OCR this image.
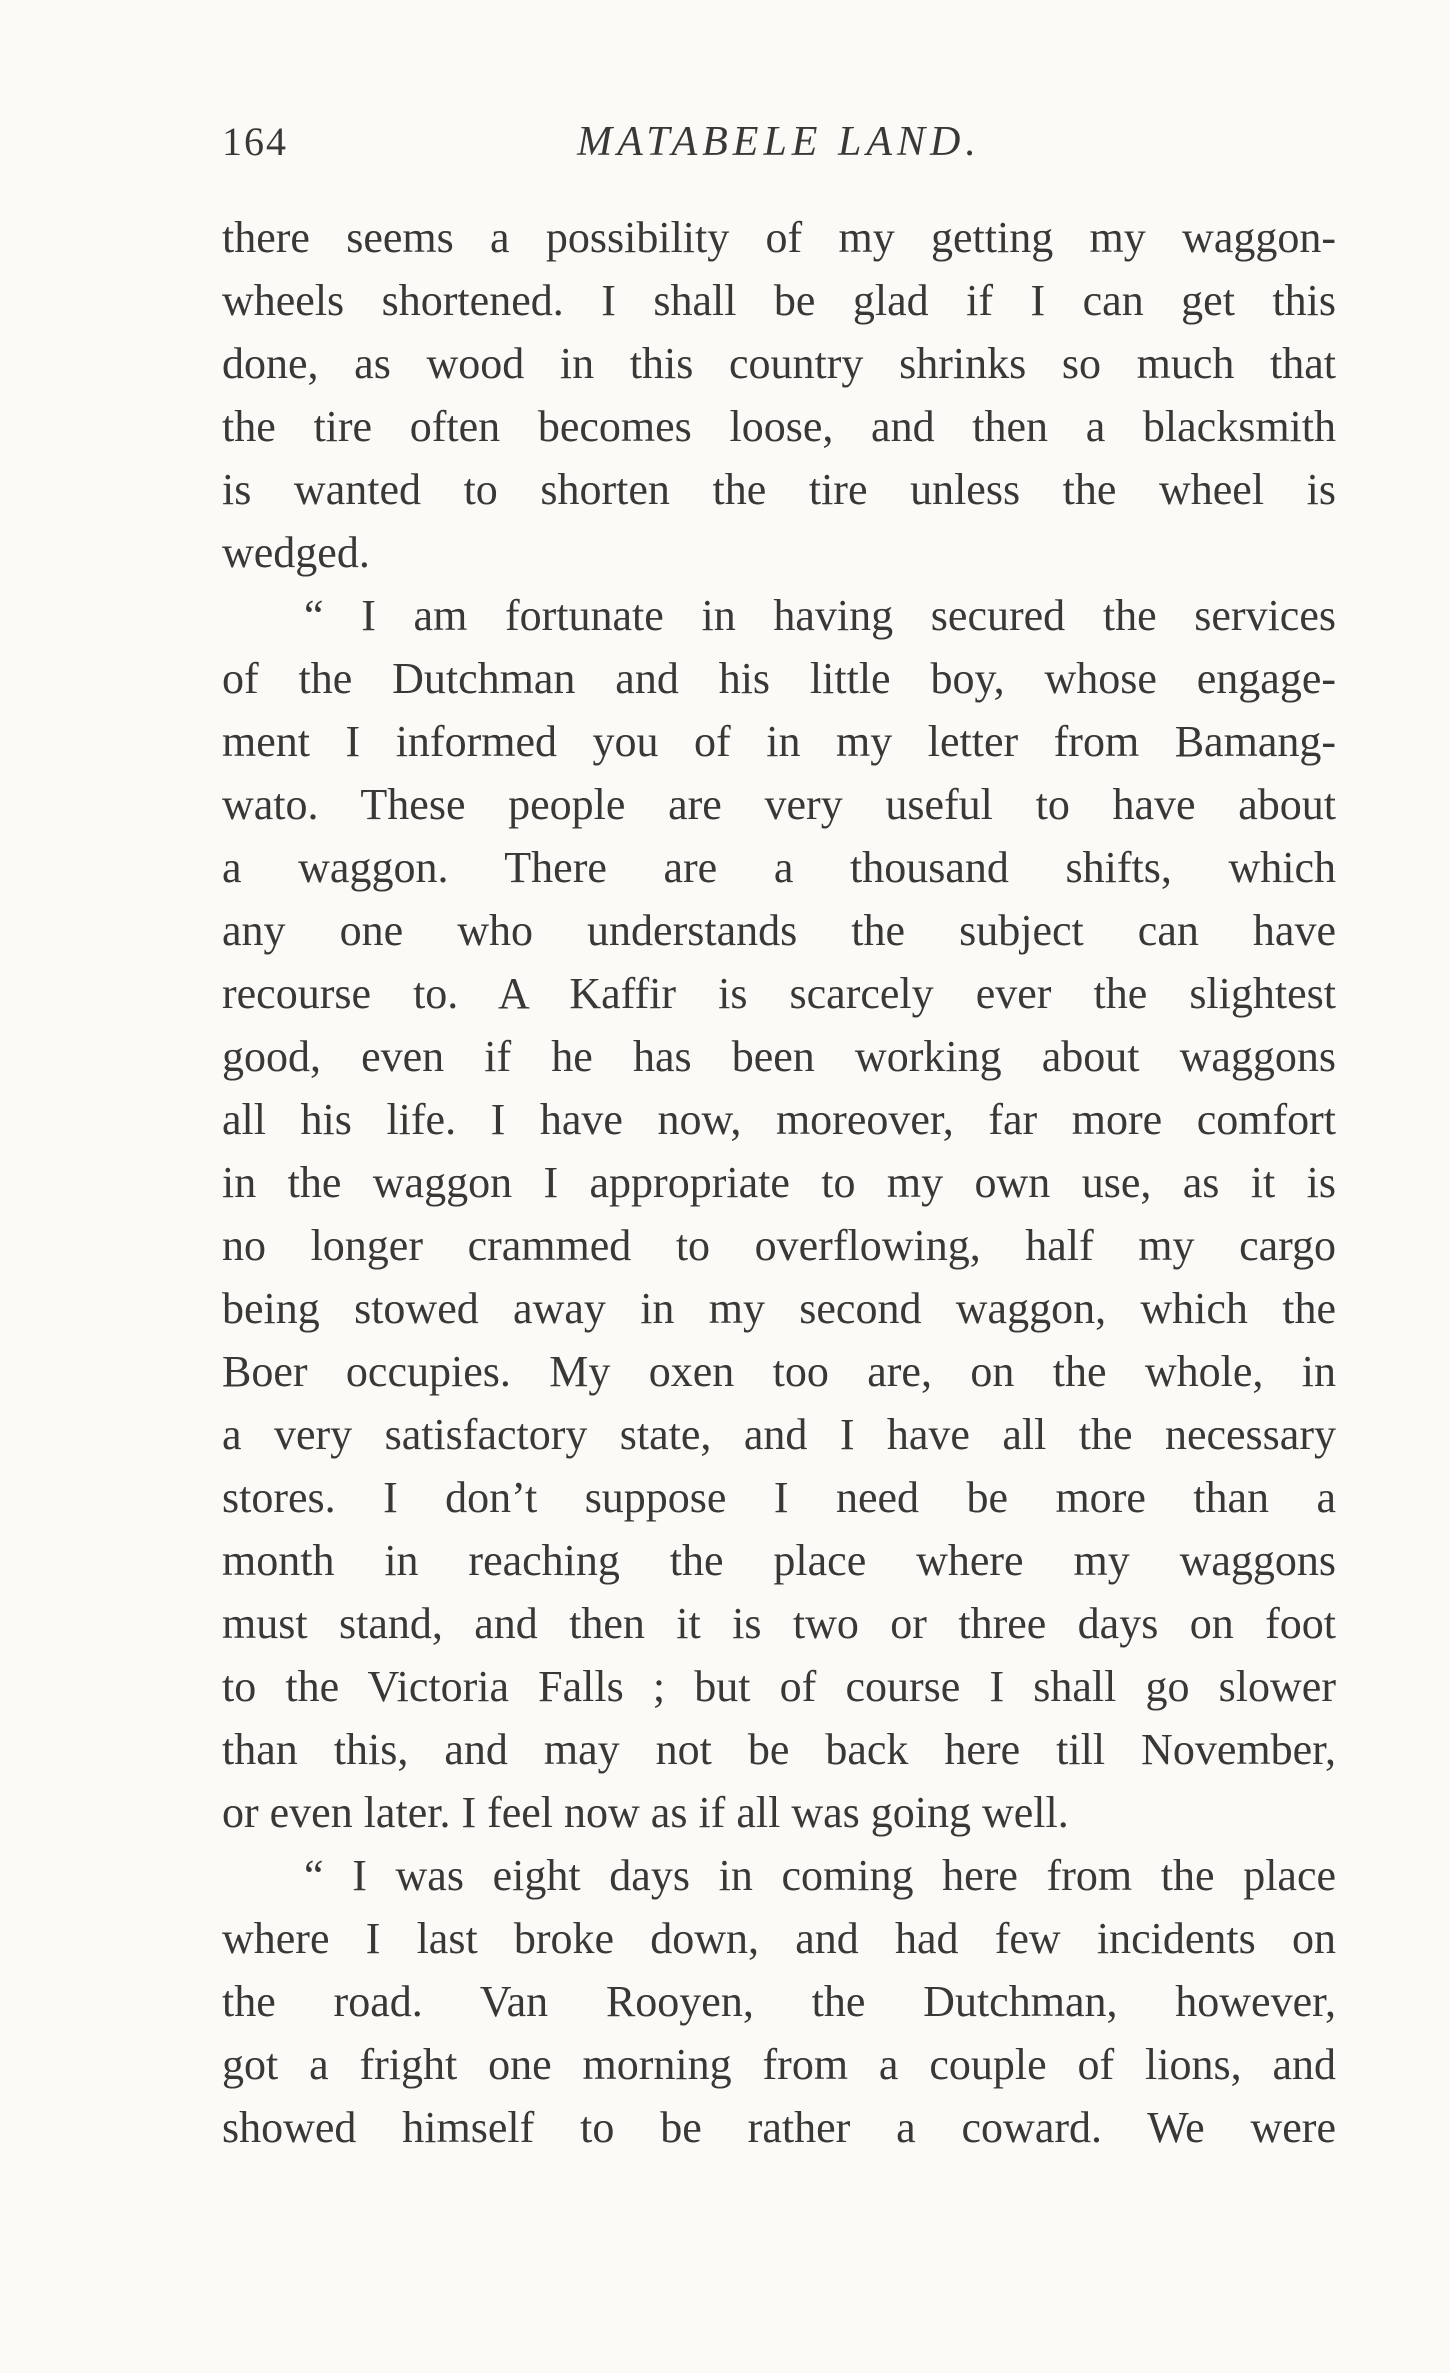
164	MATABELE LAND.
there seems a possibility of my getting my waggon-
wheels shortened. I shall be glad if I can get this
done, as wood in this country shrinks so much that
the tire often becomes loose, and then a blacksmith
is wanted to shorten the tire unless the wheel is
wedged.
“ I am fortunate in having secured the services
of the Dutchman and his little boy, whose engage-
ment I informed you of in my letter from Bamang-
wato. These people are very useful to have about
a waggon. There are a thousand shifts, which
any one who understands the subject can have
recourse to. A Kaffir is scarcely ever the slightest
good, even if he has been working about waggons
all his life. I have now, moreover, far more comfort
in the waggon I appropriate to my own use, as it is
no longer crammed to overflowing, half my cargo
being stowed away in my second waggon, which the
Boer occupies. My oxen too are, on the whole, in
a very satisfactory state, and I have all the necessary
stores. I don’t suppose I need be more than a
month in reaching the place where my waggons
must stand, and then it is two or three days on foot
to the Victoria Falls ; but of course I shall go slower
than this, and may not be back here till November,
or even later. I feel now as if all was going well.
“ I was eight days in coming here from the place
where I last broke down, and had few incidents on
the road. Van Rooyen, the Dutchman, however,
got a fright one morning from a couple of lions, and
showed himself to be rather a coward. We were
